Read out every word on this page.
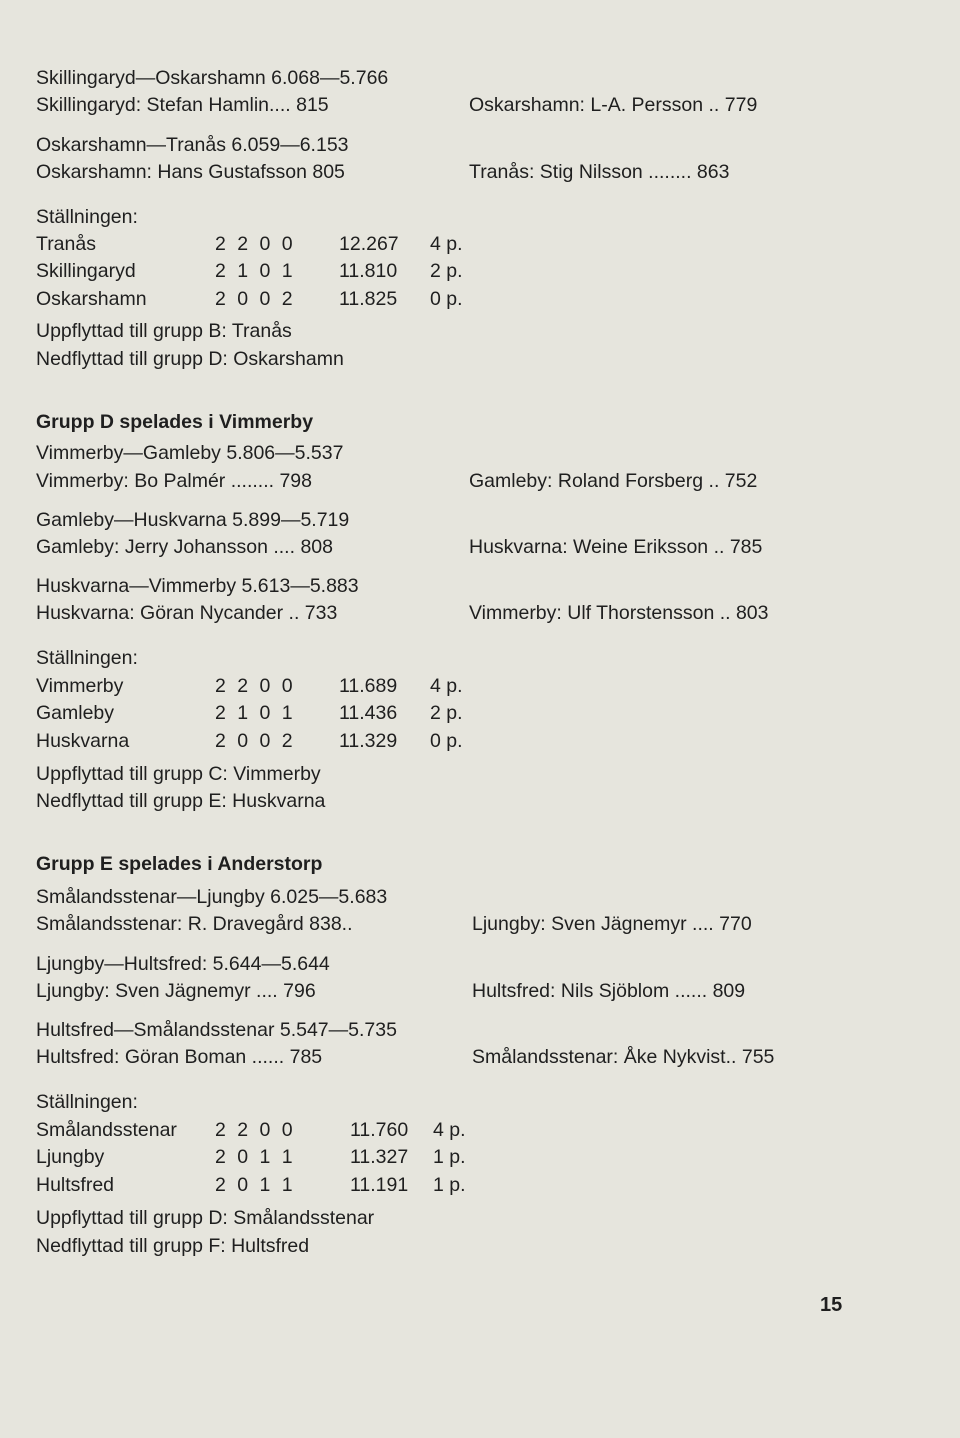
Skillingaryd—Oskarshamn 6.068—5.766
Skillingaryd: Stefan Hamlin.... 815	Oskarshamn: L-A. Persson .. 779
Oskarshamn—Tranås 6.059—6.153
Oskarshamn: Hans Gustafsson 805	Tranås: Stig Nilsson ........ 863
Ställningen:
Tranås	2 2 0 0 12.267 4 p.
Skillingaryd	2 1 0 1 11.810 2 p.
Oskarshamn	2 0 0 2 11.825 0 p.
Uppflyttad till grupp B: Tranås
Nedflyttad till grupp D: Oskarshamn
Grupp D spelades i Vimmerby
Vimmerby—Gamleby 5.806—5.537
Vimmerby: Bo Palmér ........ 798	Gamleby: Roland Forsberg .. 752
Gamleby—Huskvarna 5.899—5.719
Gamleby: Jerry Johansson .... 808	Huskvarna: Weine Eriksson .. 785
Huskvarna—Vimmerby 5.613—5.883
Huskvarna: Göran Nycander .. 733	Vimmerby: Ulf Thorstensson .. 803
Ställningen:
Vimmerby	2 2 0 0 11.689 4 p.
Gamleby	2 1 0 1 11.436 2 p.
Huskvarna	2 0 0 2 11.329 0 p.
Uppflyttad till grupp C: Vimmerby
Nedflyttad till grupp E: Huskvarna
Grupp E spelades i Anderstorp
Smålandsstenar—Ljungby 6.025—5.683
Smålandsstenar: R. Dravegård 838..	Ljungby: Sven Jägnemyr .... 770
Ljungby—Hultsfred: 5.644—5.644
Ljungby: Sven Jägnemyr .... 796	Hultsfred: Nils Sjöblom ...... 809
Hultsfred—Smålandsstenar 5.547—5.735
Hultsfred: Göran Boman ...... 785	Smålandsstenar: Åke Nykvist.. 755
Ställningen:
Smålandsstenar 2 2 0 0	11.760 4 p.
Ljungby	2 0 1 1	11.327 1 p.
Hultsfred	2 0 1 1	11.191 1 p.
Uppflyttad till grupp D: Smålandsstenar
Nedflyttad till grupp F: Hultsfred
15
